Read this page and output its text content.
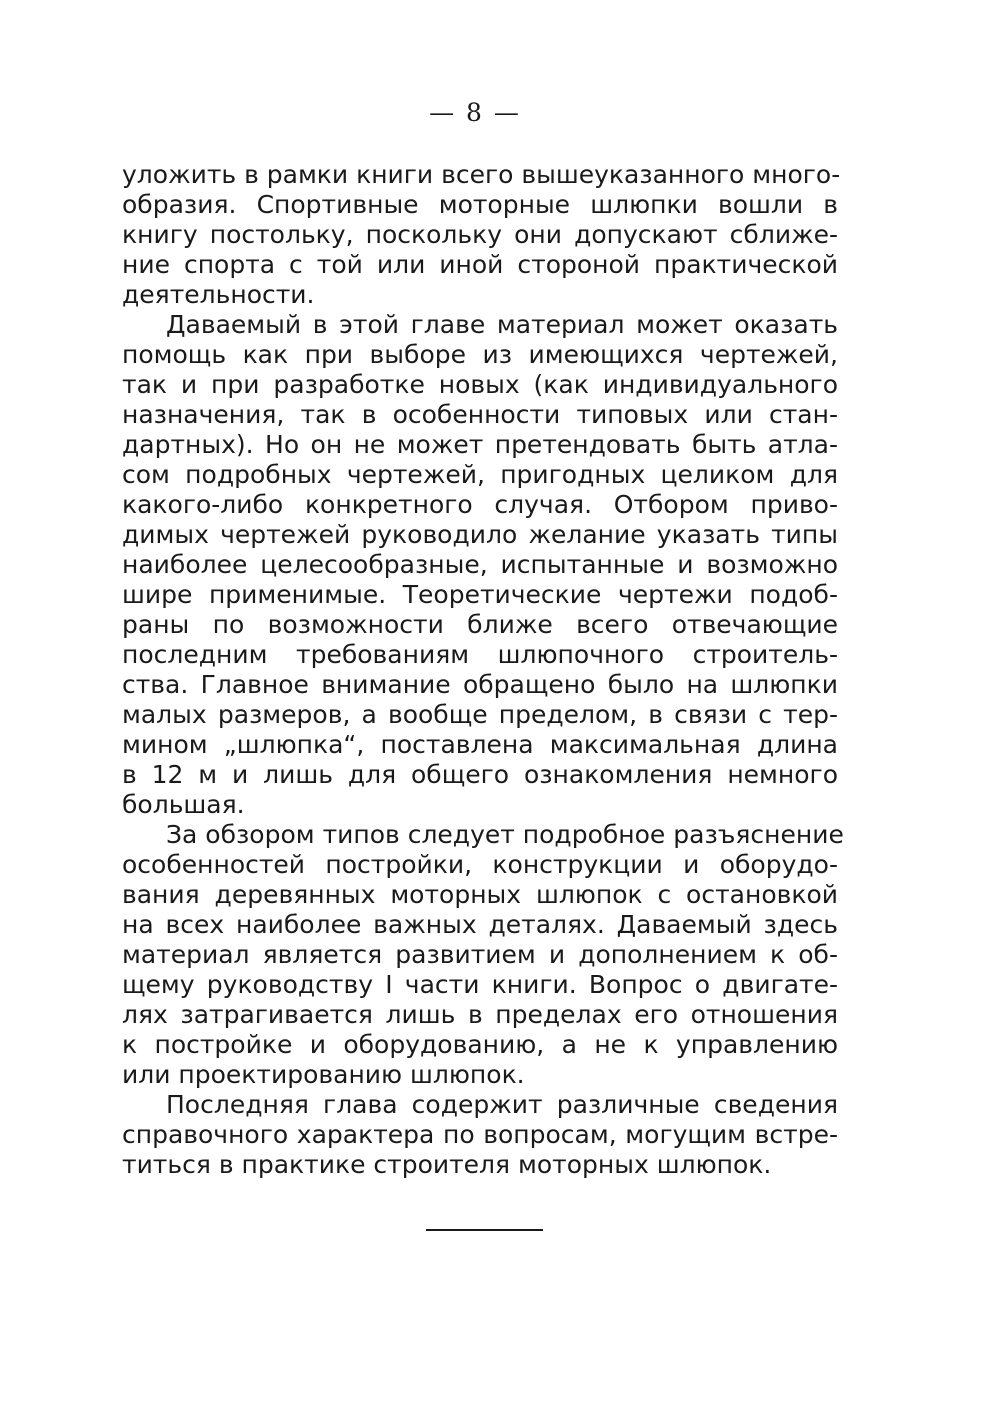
— 8 —
уложить в рамки книги всего вышеуказанного много-
образия. Спортивные моторные шлюпки вошли в
книгу постольку, поскольку они допускают сближе-
ние спорта с той или иной стороной практической
деятельности.
Даваемый в этой главе материал может оказать
помощь как при выборе из имеющихся чертежей,
так и при разработке новых (как индивидуального
назначения, так в особенности типовых или стан-
дартных). Но он не может претендовать быть атла-
сом подробных чертежей, пригодных целиком для
какого-либо конкретного случая. Отбором приво-
димых чертежей руководило желание указать типы
наиболее целесообразные, испытанные и возможно
шире применимые. Теоретические чертежи подоб-
раны по возможности ближе всего отвечающие
последним требованиям шлюпочного строитель-
ства. Главное внимание обращено было на шлюпки
малых размеров, а вообще пределом, в связи с тер-
мином „шлюпка“, поставлена максимальная длина
в 12 м и лишь для общего ознакомления немного
большая.
За обзором типов следует подробное разъяснение
особенностей постройки, конструкции и оборудо-
вания деревянных моторных шлюпок с остановкой
на всех наиболее важных деталях. Даваемый здесь
материал является развитием и дополнением к об-
щему руководству I части книги. Вопрос о двигате-
лях затрагивается лишь в пределах его отношения
к постройке и оборудованию, а не к управлению
или проектированию шлюпок.
Последняя глава содержит различные сведения
справочного характера по вопросам, могущим встре-
титься в практике строителя моторных шлюпок.
